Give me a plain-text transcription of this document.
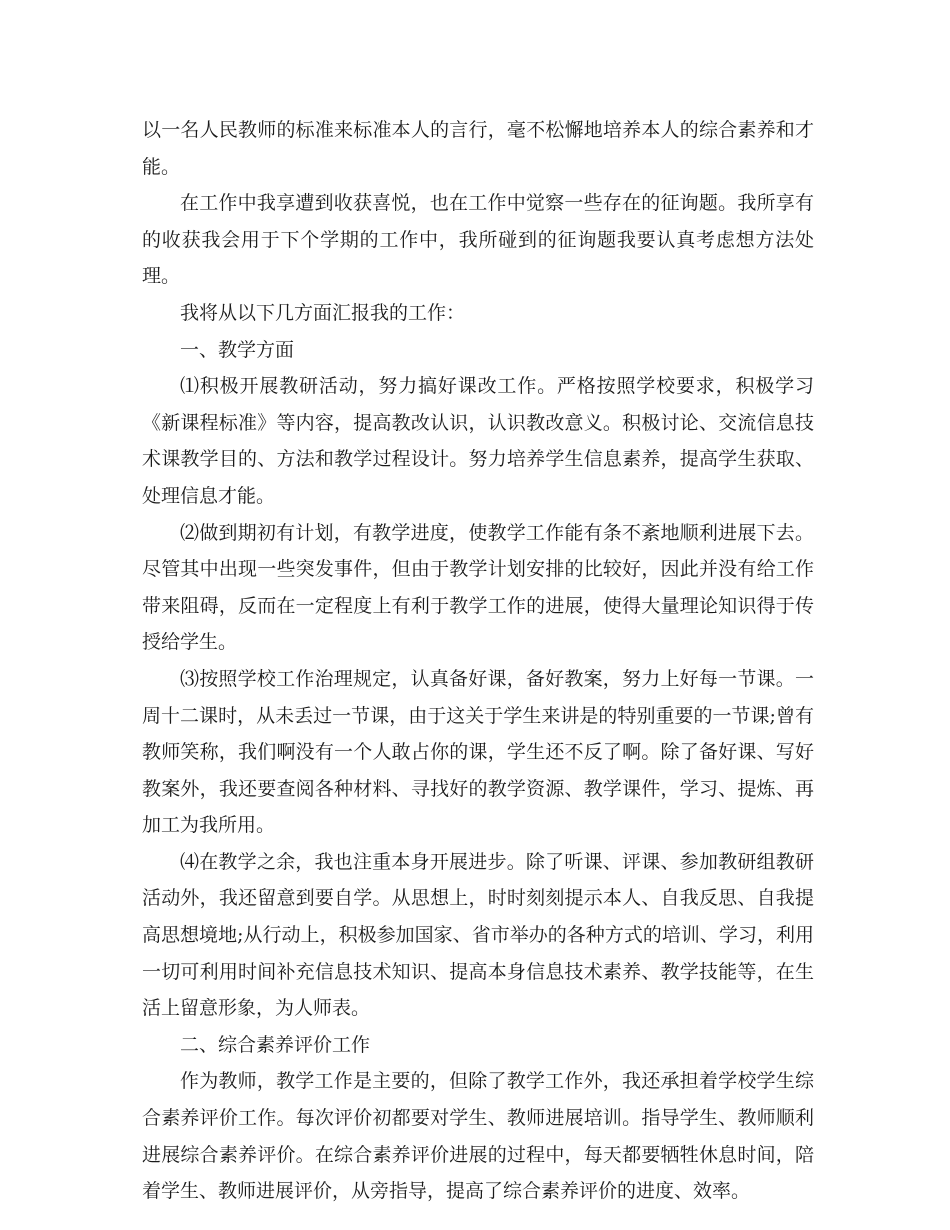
以一名人民教师的标准来标准本人的言行，毫不松懈地培养本人的综合素养和才能。

在工作中我享遭到收获喜悦，也在工作中觉察一些存在的征询题。我所享有的收获我会用于下个学期的工作中，我所碰到的征询题我要认真考虑想方法处理。

我将从以下几方面汇报我的工作：

一、教学方面

⑴积极开展教研活动，努力搞好课改工作。严格按照学校要求，积极学习《新课程标准》等内容，提高教改认识，认识教改意义。积极讨论、交流信息技术课教学目的、方法和教学过程设计。努力培养学生信息素养，提高学生获取、处理信息才能。

⑵做到期初有计划，有教学进度，使教学工作能有条不紊地顺利进展下去。尽管其中出现一些突发事件，但由于教学计划安排的比较好，因此并没有给工作带来阻碍，反而在一定程度上有利于教学工作的进展，使得大量理论知识得于传授给学生。

⑶按照学校工作治理规定，认真备好课，备好教案，努力上好每一节课。一周十二课时，从未丢过一节课，由于这关于学生来讲是的特别重要的一节课;曾有教师笑称，我们啊没有一个人敢占你的课，学生还不反了啊。除了备好课、写好教案外，我还要查阅各种材料、寻找好的教学资源、教学课件，学习、提炼、再加工为我所用。

⑷在教学之余，我也注重本身开展进步。除了听课、评课、参加教研组教研活动外，我还留意到要自学。从思想上，时时刻刻提示本人、自我反思、自我提高思想境地;从行动上，积极参加国家、省市举办的各种方式的培训、学习，利用一切可利用时间补充信息技术知识、提高本身信息技术素养、教学技能等，在生活上留意形象，为人师表。

二、综合素养评价工作

作为教师，教学工作是主要的，但除了教学工作外，我还承担着学校学生综合素养评价工作。每次评价初都要对学生、教师进展培训。指导学生、教师顺利进展综合素养评价。在综合素养评价进展的过程中，每天都要牺牲休息时间，陪着学生、教师进展评价，从旁指导，提高了综合素养评价的进度、效率。
